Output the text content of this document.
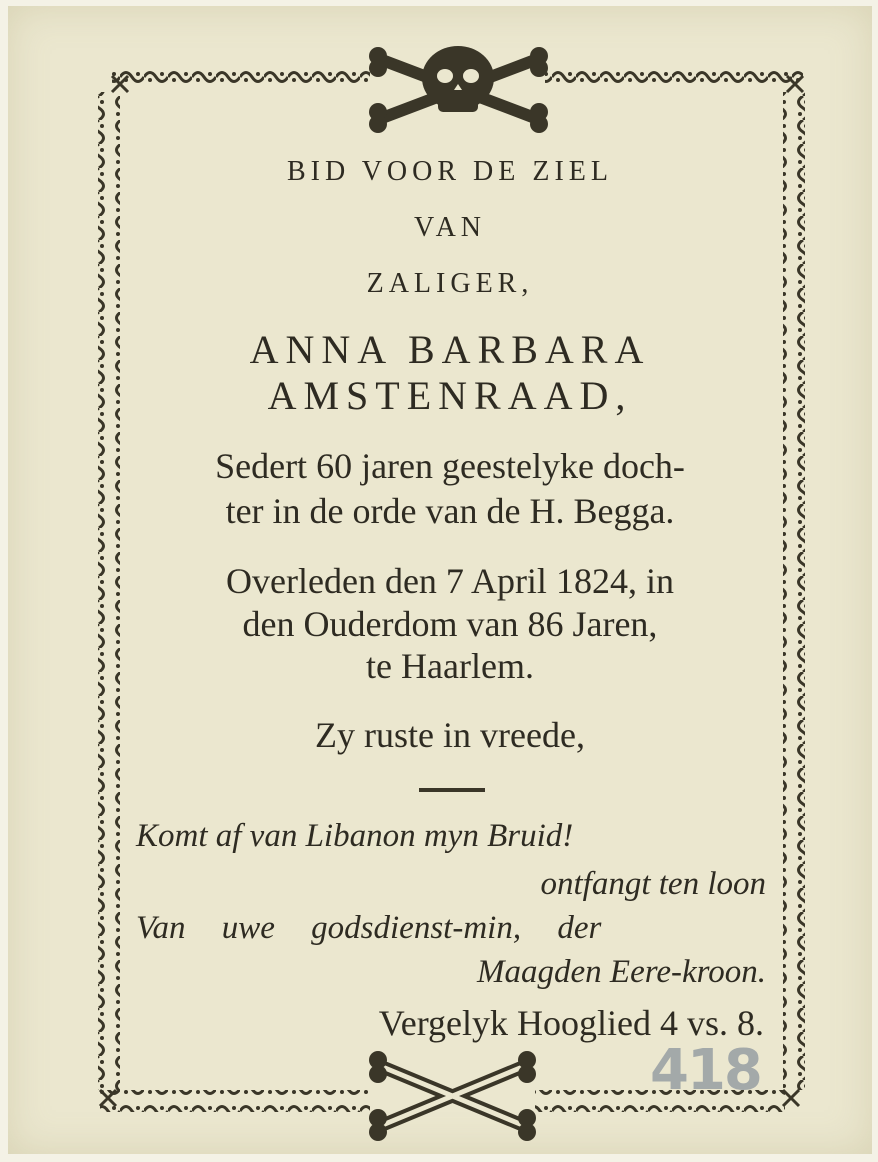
BID VOOR DE ZIEL
VAN
ZALIGER,
ANNA BARBARA
AMSTENRAAD,
Sedert 60 jaren geestelyke doch-
ter in de orde van de H. Begga.
Overleden den 7 April 1824, in
den Ouderdom van 86 Jaren,
te Haarlem.
Zy ruste in vreede,
Komt af van Libanon myn Bruid!
ontfangt ten loon
Van uwe godsdienst-min, der
Maagden Eere-kroon.
Vergelyk Hooglied 4 vs. 8.
418
